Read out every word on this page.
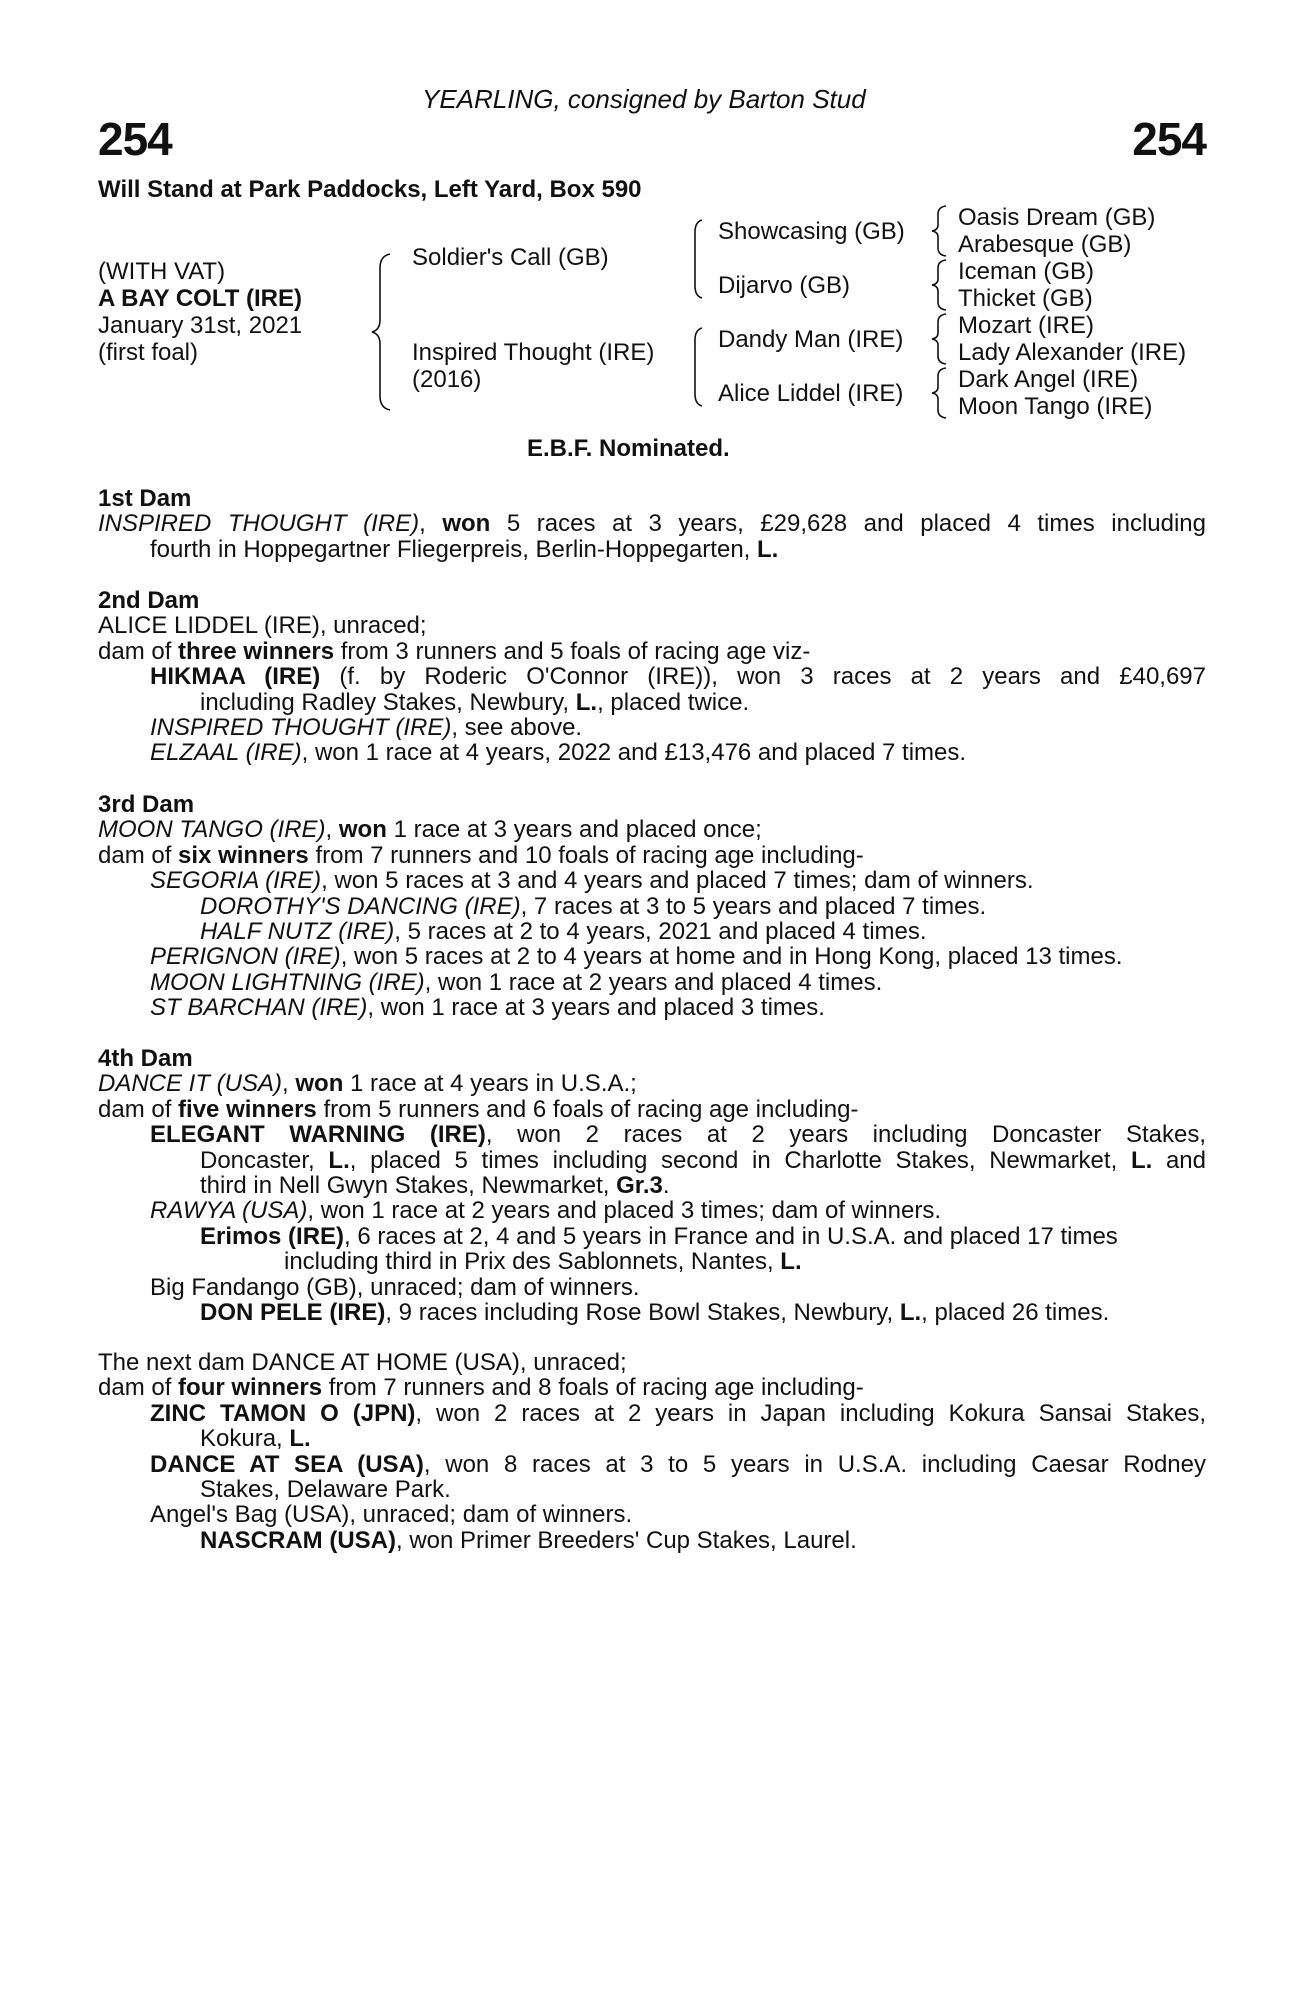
YEARLING, consigned by Barton Stud
254	254
Will Stand at Park Paddocks, Left Yard, Box 590
(WITH VAT)
A BAY COLT (IRE)
January 31st, 2021
(first foal)
Soldier's Call (GB)
Inspired Thought (IRE)
(2016)
Showcasing (GB)
Dijarvo (GB)
Dandy Man (IRE)
Alice Liddel (IRE)
Oasis Dream (GB)
Arabesque (GB)
Iceman (GB)
Thicket (GB)
Mozart (IRE)
Lady Alexander (IRE)
Dark Angel (IRE)
Moon Tango (IRE)
E.B.F. Nominated.

1st Dam

INSPIRED THOUGHT (IRE), won 5 races at 3 years, £29,628 and placed 4 times including

fourth in Hoppegartner Fliegerpreis, Berlin-Hoppegarten, L.

2nd Dam

ALICE LIDDEL (IRE), unraced;

dam of three winners from 3 runners and 5 foals of racing age viz-

HIKMAA (IRE) (f. by Roderic O'Connor (IRE)), won 3 races at 2 years and £40,697

including Radley Stakes, Newbury, L., placed twice.

INSPIRED THOUGHT (IRE), see above.

ELZAAL (IRE), won 1 race at 4 years, 2022 and £13,476 and placed 7 times.

3rd Dam

MOON TANGO (IRE), won 1 race at 3 years and placed once;

dam of six winners from 7 runners and 10 foals of racing age including-

SEGORIA (IRE), won 5 races at 3 and 4 years and placed 7 times; dam of winners.

DOROTHY'S DANCING (IRE), 7 races at 3 to 5 years and placed 7 times.

HALF NUTZ (IRE), 5 races at 2 to 4 years, 2021 and placed 4 times.

PERIGNON (IRE), won 5 races at 2 to 4 years at home and in Hong Kong, placed 13 times.

MOON LIGHTNING (IRE), won 1 race at 2 years and placed 4 times.

ST BARCHAN (IRE), won 1 race at 3 years and placed 3 times.

4th Dam

DANCE IT (USA), won 1 race at 4 years in U.S.A.;

dam of five winners from 5 runners and 6 foals of racing age including-

ELEGANT WARNING (IRE), won 2 races at 2 years including Doncaster Stakes,

Doncaster, L., placed 5 times including second in Charlotte Stakes, Newmarket, L. and

third in Nell Gwyn Stakes, Newmarket, Gr.3.

RAWYA (USA), won 1 race at 2 years and placed 3 times; dam of winners.

Erimos (IRE), 6 races at 2, 4 and 5 years in France and in U.S.A. and placed 17 times

including third in Prix des Sablonnets, Nantes, L.

Big Fandango (GB), unraced; dam of winners.

DON PELE (IRE), 9 races including Rose Bowl Stakes, Newbury, L., placed 26 times.

The next dam DANCE AT HOME (USA), unraced;

dam of four winners from 7 runners and 8 foals of racing age including-

ZINC TAMON O (JPN), won 2 races at 2 years in Japan including Kokura Sansai Stakes,

Kokura, L.

DANCE AT SEA (USA), won 8 races at 3 to 5 years in U.S.A. including Caesar Rodney

Stakes, Delaware Park.

Angel's Bag (USA), unraced; dam of winners.

NASCRAM (USA), won Primer Breeders' Cup Stakes, Laurel.
